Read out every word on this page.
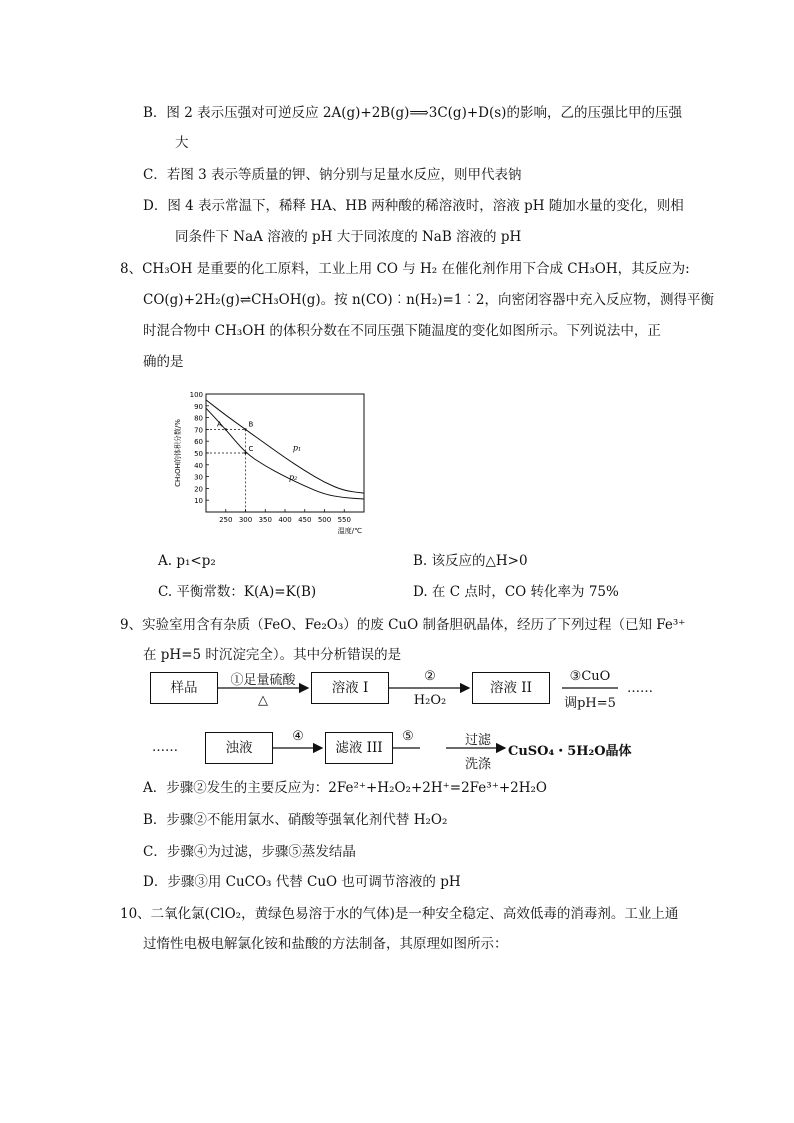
B．图 2 表示压强对可逆反应 2A(g)+2B(g)⟹3C(g)+D(s)的影响，乙的压强比甲的压强
大
C．若图 3 表示等质量的钾、钠分别与足量水反应，则甲代表钠
D．图 4 表示常温下，稀释 HA、HB 两种酸的稀溶液时，溶液 pH 随加水量的变化，则相
同条件下 NaA 溶液的 pH 大于同浓度的 NaB 溶液的 pH
8、CH₃OH 是重要的化工原料，工业上用 CO 与 H₂ 在催化剂作用下合成 CH₃OH，其反应为:
CO(g)+2H₂(g)⇌CH₃OH(g)。按 n(CO)︰n(H₂)=1︰2，向密闭容器中充入反应物，测得平衡
时混合物中 CH₃OH 的体积分数在不同压强下随温度的变化如图所示。下列说法中，正
确的是
10
20
30
40
50
60
70
80
90
100
250 300 350 400 450 500 550
温度/℃
CH₃OH的体积分数/%	p₁
p₂
A	B
C
A. p₁<p₂	B. 该反应的△H>0
C. 平衡常数：K(A)=K(B)	D. 在 C 点时，CO 转化率为 75%
9、实验室用含有杂质（FeO、Fe₂O₃）的废 CuO 制备胆矾晶体，经历了下列过程（已知 Fe³⁺
在 pH=5 时沉淀完全）。其中分析错误的是
样品	①足量硫酸
△
溶液 I
②
H₂O₂
溶液 II
③CuO
调pH=5
……
……	浊液
④
滤液 III
⑤	过滤
洗涤
CuSO₄・5H₂O晶体
A．步骤②发生的主要反应为：2Fe²⁺+H₂O₂+2H⁺=2Fe³⁺+2H₂O
B．步骤②不能用氯水、硝酸等强氧化剂代替 H₂O₂
C．步骤④为过滤，步骤⑤蒸发结晶
D．步骤③用 CuCO₃ 代替 CuO 也可调节溶液的 pH
10、二氧化氯(ClO₂，黄绿色易溶于水的气体)是一种安全稳定、高效低毒的消毒剂。工业上通
过惰性电极电解氯化铵和盐酸的方法制备，其原理如图所示：
